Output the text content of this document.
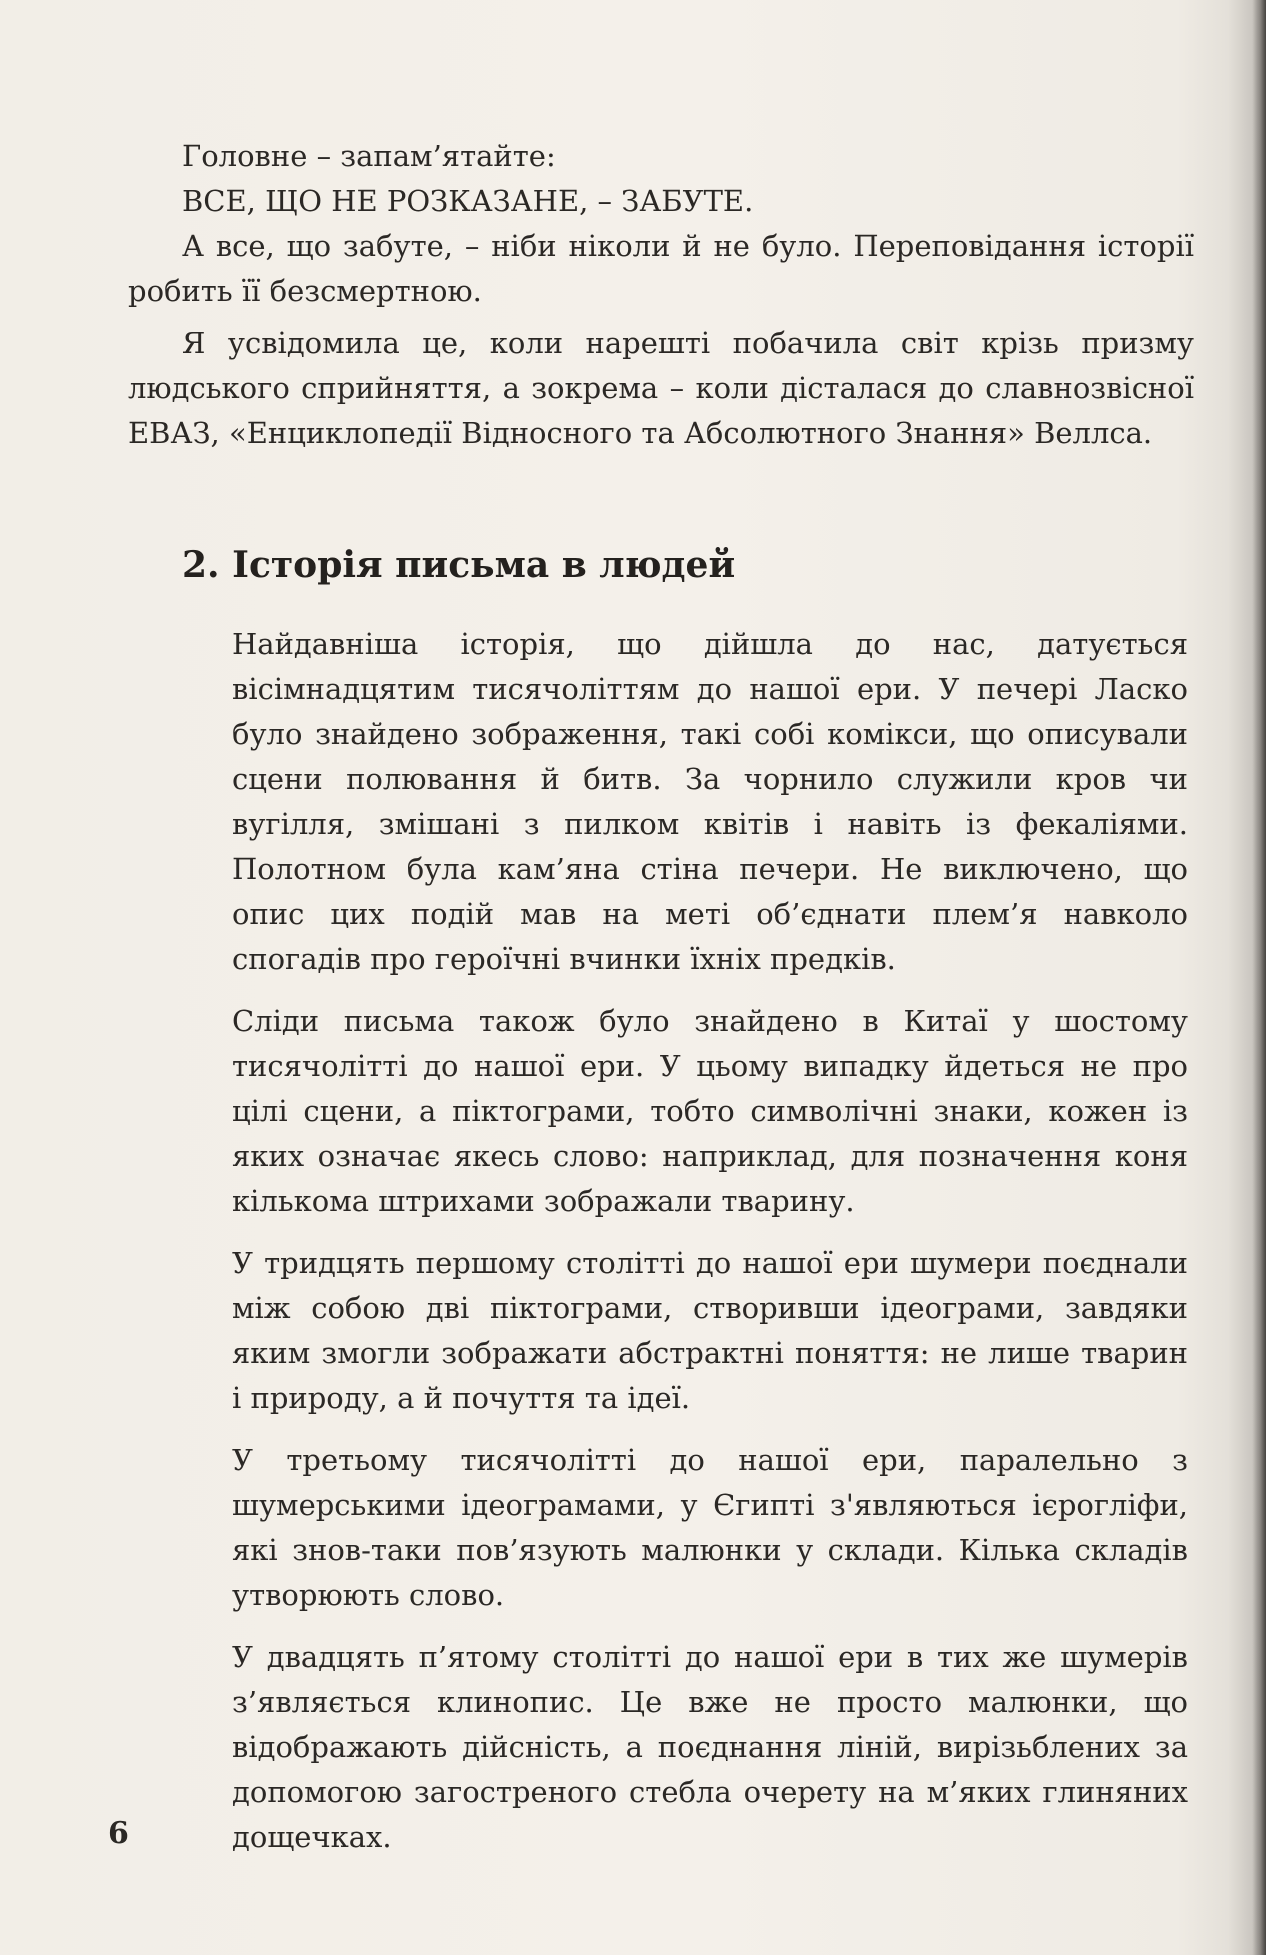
Головне – запам’ятайте:

ВСЕ, ЩО НЕ РОЗКАЗАНЕ, – ЗАБУТЕ.

А все, що забуте, – ніби ніколи й не було. Переповідання історії робить її безсмертною.

Я усвідомила це, коли нарешті побачила світ крізь призму людського сприйняття, а зокрема – коли дісталася до славнозвісної ЕВАЗ, «Енциклопедії Відносного та Абсолютного Знання» Веллса.

2. Історія письма в людей

Найдавніша історія, що дійшла до нас, датується вісімнадцятим тисячоліттям до нашої ери. У печері Ласко було знайдено зображення, такі собі комікси, що описували сцени полювання й битв. За чорнило служили кров чи вугілля, змішані з пилком квітів і навіть із фекаліями. Полотном була кам’яна стіна печери. Не виключено, що опис цих подій мав на меті об’єднати плем’я навколо спогадів про героїчні вчинки їхніх предків.

Сліди письма також було знайдено в Китаї у шостому тисячолітті до нашої ери. У цьому випадку йдеться не про цілі сцени, а піктограми, тобто символічні знаки, кожен із яких означає якесь слово: наприклад, для позначення коня кількома штрихами зображали тварину.

У тридцять першому столітті до нашої ери шумери поєднали між собою дві піктограми, створивши ідеограми, завдяки яким змогли зображати абстрактні поняття: не лише тварин і природу, а й почуття та ідеї.

У третьому тисячолітті до нашої ери, паралельно з шумерськими ідеограмами, у Єгипті з'являються ієрогліфи, які знов-таки пов’язують малюнки у склади. Кілька складів утворюють слово.

У двадцять п’ятому столітті до нашої ери в тих же шумерів з’являється клинопис. Це вже не просто малюнки, що відображають дійсність, а поєднання ліній, вирізьблених за допомогою загостреного стебла очерету на м’яких глиняних дощечках.

6
